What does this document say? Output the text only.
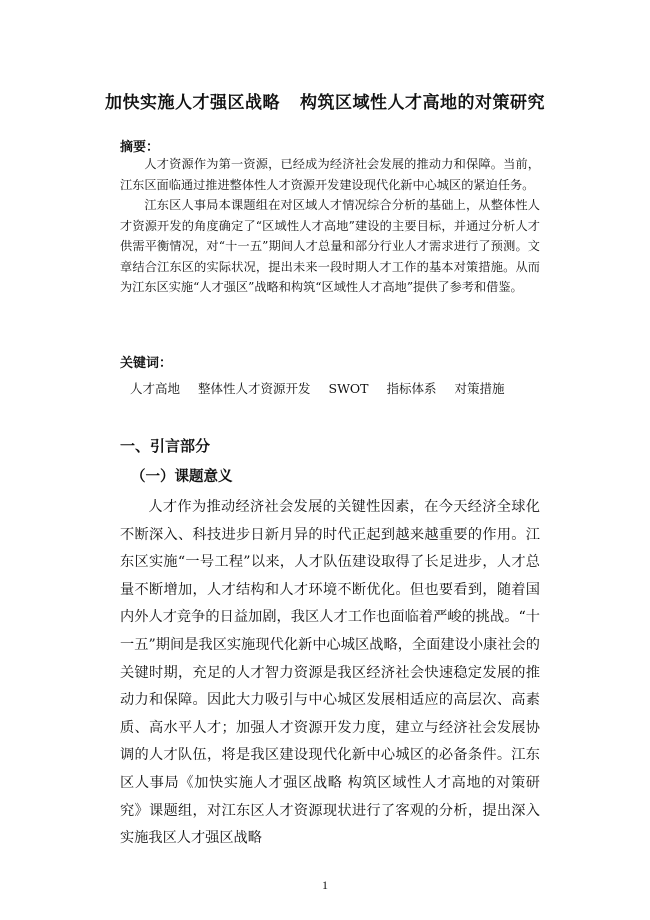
加快实施人才强区战略 构筑区域性人才高地的对策研究
摘要：

人才资源作为第一资源，已经成为经济社会发展的推动力和保障。当前，江东区面临通过推进整体性人才资源开发建设现代化新中心城区的紧迫任务。

江东区人事局本课题组在对区域人才情况综合分析的基础上，从整体性人才资源开发的角度确定了“区域性人才高地”建设的主要目标，并通过分析人才供需平衡情况，对“十一五”期间人才总量和部分行业人才需求进行了预测。文章结合江东区的实际状况，提出未来一段时期人才工作的基本对策措施。从而为江东区实施“人才强区”战略和构筑“区域性人才高地”提供了参考和借鉴。

关键词：
人才高地 整体性人才资源开发 SWOT 指标体系 对策措施
一、引言部分
（一）课题意义

人才作为推动经济社会发展的关键性因素，在今天经济全球化不断深入、科技进步日新月异的时代正起到越来越重要的作用。江东区实施“一号工程”以来，人才队伍建设取得了长足进步，人才总量不断增加，人才结构和人才环境不断优化。但也要看到，随着国内外人才竞争的日益加剧，我区人才工作也面临着严峻的挑战。“十一五”期间是我区实施现代化新中心城区战略，全面建设小康社会的关键时期，充足的人才智力资源是我区经济社会快速稳定发展的推动力和保障。因此大力吸引与中心城区发展相适应的高层次、高素质、高水平人才；加强人才资源开发力度，建立与经济社会发展协调的人才队伍，将是我区建设现代化新中心城区的必备条件。江东区人事局《加快实施人才强区战略 构筑区域性人才高地的对策研究》课题组，对江东区人才资源现状进行了客观的分析，提出深入实施我区人才强区战略

1
